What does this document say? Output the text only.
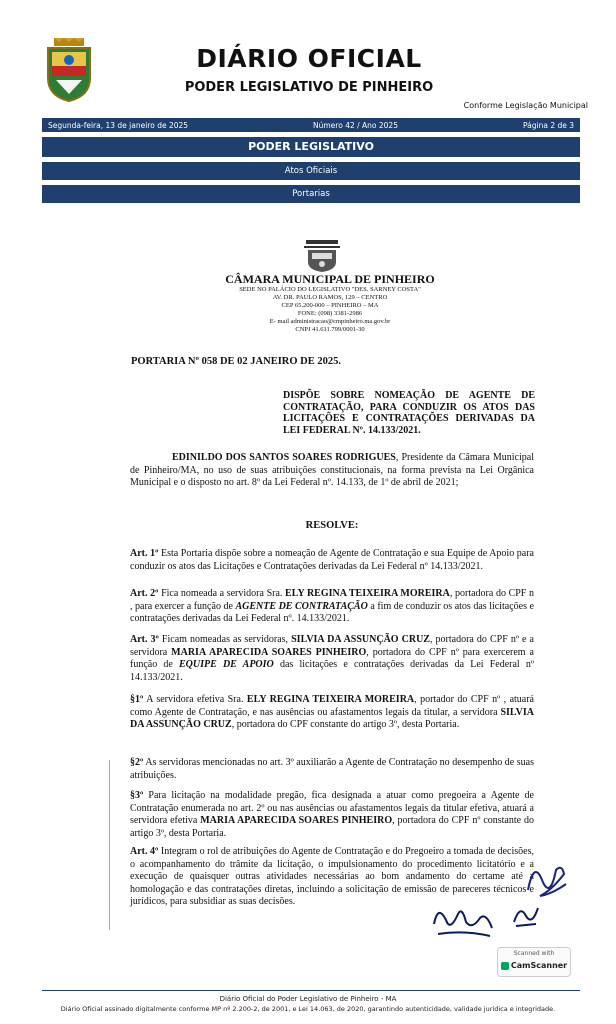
DIÁRIO OFICIAL
PODER LEGISLATIVO DE PINHEIRO
Conforme Legislação Municipal
Segunda-feira, 13 de janeiro de 2025	Número 42 / Ano 2025	Página 2 de 3
PODER LEGISLATIVO
Atos Oficiais
Portarias
CÂMARA MUNICIPAL DE PINHEIRO
SEDE NO PALÁCIO DO LEGISLATIVO "DES. SARNEY COSTA"
AV. DR. PAULO RAMOS, 129 – CENTRO
CEP 65.200-000 – PINHEIRO – MA
FONE: (098) 3381-2986
E- mail administracao@cmpinheiro.ma.gov.br
CNPJ 41.611.799/0001-30
PORTARIA Nº 058 DE 02 JANEIRO DE 2025.
DISPÕE SOBRE NOMEAÇÃO DE AGENTE DE CONTRATAÇÃO, PARA CONDUZIR OS ATOS DAS LICITAÇÕES E CONTRATAÇÕES DERIVADAS DA LEI FEDERAL Nº. 14.133/2021.
EDINILDO DOS SANTOS SOARES RODRIGUES, Presidente da Câmara Municipal de Pinheiro/MA, no uso de suas atribuições constitucionais, na forma prevista na Lei Orgânica Municipal e o disposto no art. 8º da Lei Federal nº. 14.133, de 1º de abril de 2021;
RESOLVE:
Art. 1º Esta Portaria dispõe sobre a nomeação de Agente de Contratação e sua Equipe de Apoio para conduzir os atos das Licitações e Contratações derivadas da Lei Federal nº 14.133/2021.
Art. 2º Fica nomeada a servidora Sra. ELY REGINA TEIXEIRA MOREIRA, portadora do CPF n , para exercer a função de AGENTE DE CONTRATAÇÃO a fim de conduzir os atos das licitações e contratações derivadas da Lei Federal nº. 14.133/2021.
Art. 3º Ficam nomeadas as servidoras, SILVIA DA ASSUNÇÃO CRUZ, portadora do CPF nº e a servidora MARIA APARECIDA SOARES PINHEIRO, portadora do CPF nº para exercerem a função de EQUIPE DE APOIO das licitações e contratações derivadas da Lei Federal nº 14.133/2021.
§1º A servidora efetiva Sra. ELY REGINA TEIXEIRA MOREIRA, portador do CPF nº , atuará como Agente de Contratação, e nas ausências ou afastamentos legais da titular, a servidora SILVIA DA ASSUNÇÃO CRUZ, portadora do CPF constante do artigo 3º, desta Portaria.
§2º As servidoras mencionadas no art. 3º auxiliarão a Agente de Contratação no desempenho de suas atribuições.
§3º Para licitação na modalidade pregão, fica designada a atuar como pregoeira a Agente de Contratação enumerada no art. 2º ou nas ausências ou afastamentos legais da titular efetiva, atuará a servidora efetiva MARIA APARECIDA SOARES PINHEIRO, portadora do CPF nº constante do artigo 3º, desta Portaria.
Art. 4º Integram o rol de atribuições do Agente de Contratação e do Pregoeiro a tomada de decisões, o acompanhamento do trâmite da licitação, o impulsionamento do procedimento licitatório e a execução de quaisquer outras atividades necessárias ao bom andamento do certame até a homologação e das contratações diretas, incluindo a solicitação de emissão de pareceres técnicos e jurídicos, para subsidiar as suas decisões.
Scanned with
CamScanner
Diário Oficial do Poder Legislativo de Pinheiro - MA
Diário Oficial assinado digitalmente conforme MP nº 2.200-2, de 2001, e Lei 14.063, de 2020, garantindo autenticidade, validade jurídica e integridade.
